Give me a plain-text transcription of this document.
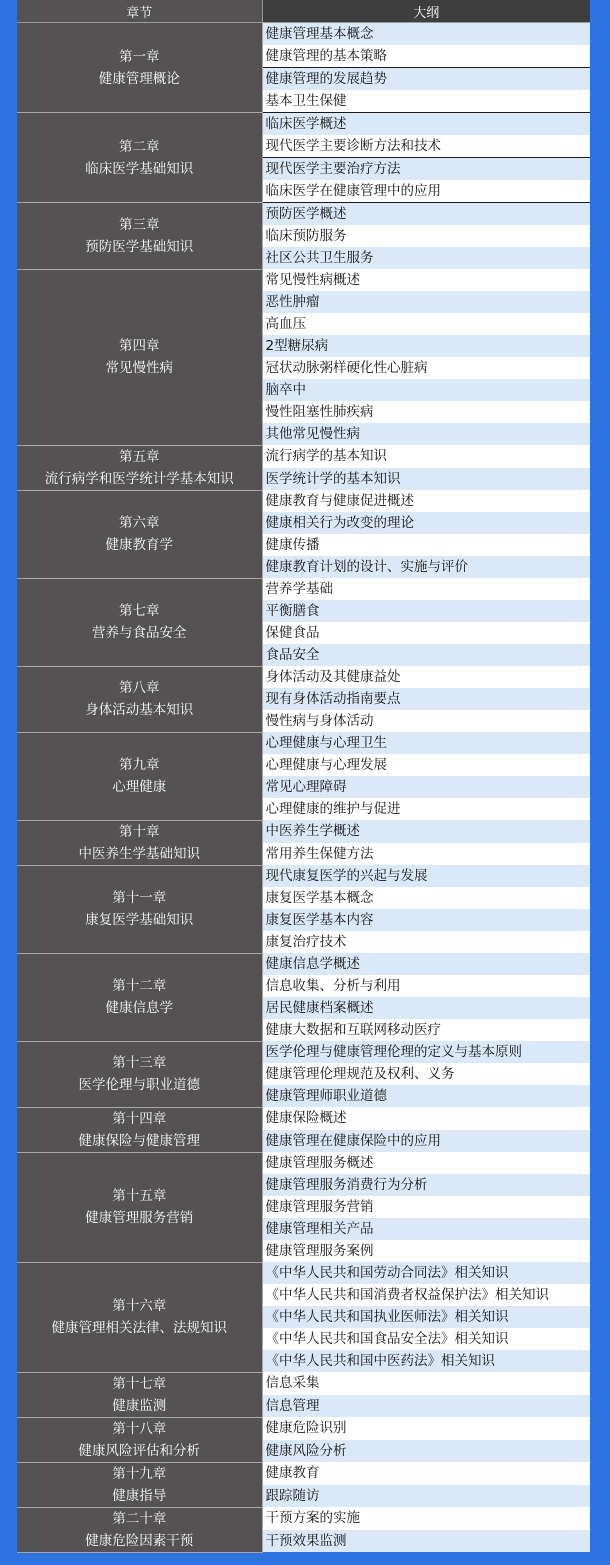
章节	大纲

第一章
健康管理概论	健康管理基本概念
	健康管理的基本策略
	健康管理的发展趋势
	基本卫生保健

第二章
临床医学基础知识	临床医学概述
	现代医学主要诊断方法和技术
	现代医学主要治疗方法
	临床医学在健康管理中的应用

第三章
预防医学基础知识	预防医学概述
	临床预防服务
	社区公共卫生服务

第四章
常见慢性病	常见慢性病概述
	恶性肿瘤
	高血压
	2型糖尿病
	冠状动脉粥样硬化性心脏病
	脑卒中
	慢性阻塞性肺疾病
	其他常见慢性病

第五章
流行病学和医学统计学基本知识	流行病学的基本知识
	医学统计学的基本知识

第六章
健康教育学	健康教育与健康促进概述
	健康相关行为改变的理论
	健康传播
	健康教育计划的设计、实施与评价

第七章
营养与食品安全	营养学基础
	平衡膳食
	保健食品
	食品安全

第八章
身体活动基本知识	身体活动及其健康益处
	现有身体活动指南要点
	慢性病与身体活动

第九章
心理健康	心理健康与心理卫生
	心理健康与心理发展
	常见心理障碍
	心理健康的维护与促进

第十章
中医养生学基础知识	中医养生学概述
	常用养生保健方法

第十一章
康复医学基础知识	现代康复医学的兴起与发展
	康复医学基本概念
	康复医学基本内容
	康复治疗技术

第十二章
健康信息学	健康信息学概述
	信息收集、分析与利用
	居民健康档案概述
	健康大数据和互联网移动医疗

第十三章
医学伦理与职业道德	医学伦理与健康管理伦理的定义与基本原则
	健康管理伦理规范及权利、义务
	健康管理师职业道德

第十四章
健康保险与健康管理	健康保险概述
	健康管理在健康保险中的应用

第十五章
健康管理服务营销	健康管理服务概述
	健康管理服务消费行为分析
	健康管理服务营销
	健康管理相关产品
	健康管理服务案例

第十六章
健康管理相关法律、法规知识	《中华人民共和国劳动合同法》相关知识
	《中华人民共和国消费者权益保护法》相关知识
	《中华人民共和国执业医师法》相关知识
	《中华人民共和国食品安全法》相关知识
	《中华人民共和国中医药法》相关知识

第十七章
健康监测	信息采集
	信息管理

第十八章
健康风险评估和分析	健康危险识别
	健康风险分析

第十九章
健康指导	健康教育
	跟踪随访

第二十章
健康危险因素干预	干预方案的实施
	干预效果监测
